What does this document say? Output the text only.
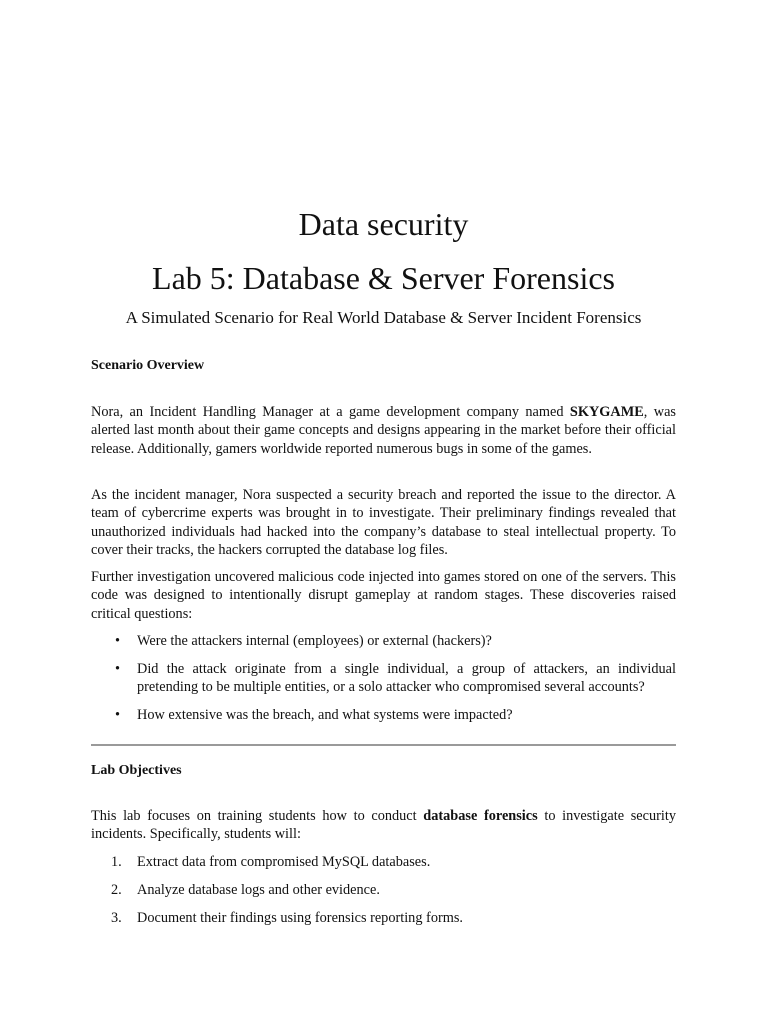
Data security
Lab 5: Database & Server Forensics
A Simulated Scenario for Real World Database & Server Incident Forensics
Scenario Overview
Nora, an Incident Handling Manager at a game development company named SKYGAME, was alerted last month about their game concepts and designs appearing in the market before their official release. Additionally, gamers worldwide reported numerous bugs in some of the games.
As the incident manager, Nora suspected a security breach and reported the issue to the director. A team of cybercrime experts was brought in to investigate. Their preliminary findings revealed that unauthorized individuals had hacked into the company’s database to steal intellectual property. To cover their tracks, the hackers corrupted the database log files.
Further investigation uncovered malicious code injected into games stored on one of the servers. This code was designed to intentionally disrupt gameplay at random stages. These discoveries raised critical questions:
• Were the attackers internal (employees) or external (hackers)?
• Did the attack originate from a single individual, a group of attackers, an individual pretending to be multiple entities, or a solo attacker who compromised several accounts?
• How extensive was the breach, and what systems were impacted?
Lab Objectives
This lab focuses on training students how to conduct database forensics to investigate security incidents. Specifically, students will:
1. Extract data from compromised MySQL databases.
2. Analyze database logs and other evidence.
3. Document their findings using forensics reporting forms.
